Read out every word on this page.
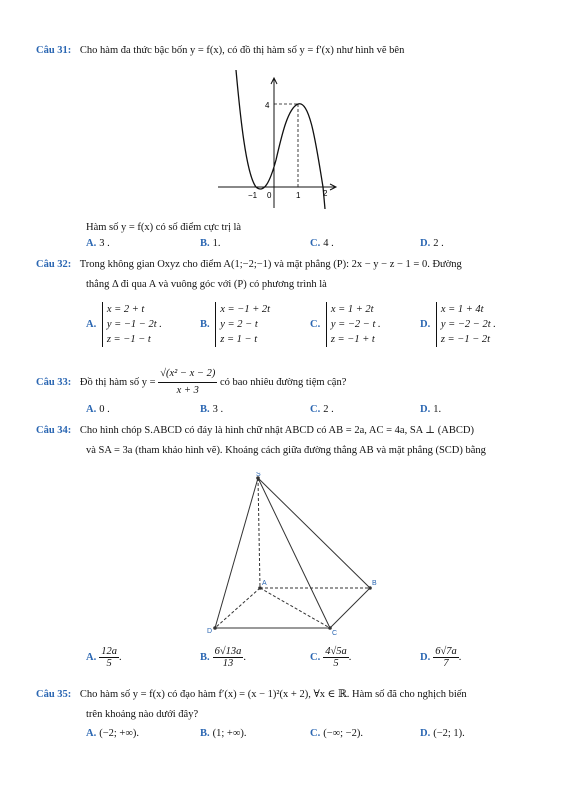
Câu 31: Cho hàm đa thức bậc bốn y = f(x), có đồ thị hàm số y = f′(x) như hình vẽ bên
4
−1 0	1	2
Hàm số y = f(x) có số điểm cực trị là
A. 3 .	B. 1.	C. 4 .	D. 2 .
Câu 32: Trong không gian Oxyz cho điểm A(1;−2;−1) và mặt phẳng (P): 2x − y − z − 1 = 0. Đường
thẳng Δ đi qua A và vuông góc với (P) có phương trình là
A. x = 2 + t
y = −1 − 2t .
z = −1 − t
B. x = −1 + 2t
y = 2 − t
z = 1 − t
C. x = 1 + 2t
y = −2 − t .
z = −1 + t
D. x = 1 + 4t
y = −2 − 2t .
z = −1 − 2t
Câu 33: Đồ thị hàm số $y = \frac{\text{√(x² − x − 2)}}{x + 3}$ có bao nhiêu đường tiệm cận?
A. 0 .	B. 3 .	C. 2 .	D. 1.
Câu 34: Cho hình chóp S.ABCD có đáy là hình chữ nhật ABCD có AB = 2a, AC = 4a, SA ⊥ (ABCD)
và SA = 3a (tham khảo hình vẽ). Khoảng cách giữa đường thẳng AB và mặt phẳng (SCD) bằng
S
A	B
C
D
A. $\frac{12a}{5}$ .	B. $\frac{6√13a}{13}$ .	C. $\frac{4√5a}{5}$ .	D. $\frac{6√7a}{7}$ .
Câu 35: Cho hàm số y = f(x) có đạo hàm f′(x) = (x − 1)²(x + 2), ∀x ∈ ℝ. Hàm số đã cho nghịch biến
trên khoảng nào dưới đây?
A. (−2; +∞).	B. (1; +∞).	C. (−∞; −2).	D. (−2; 1).
